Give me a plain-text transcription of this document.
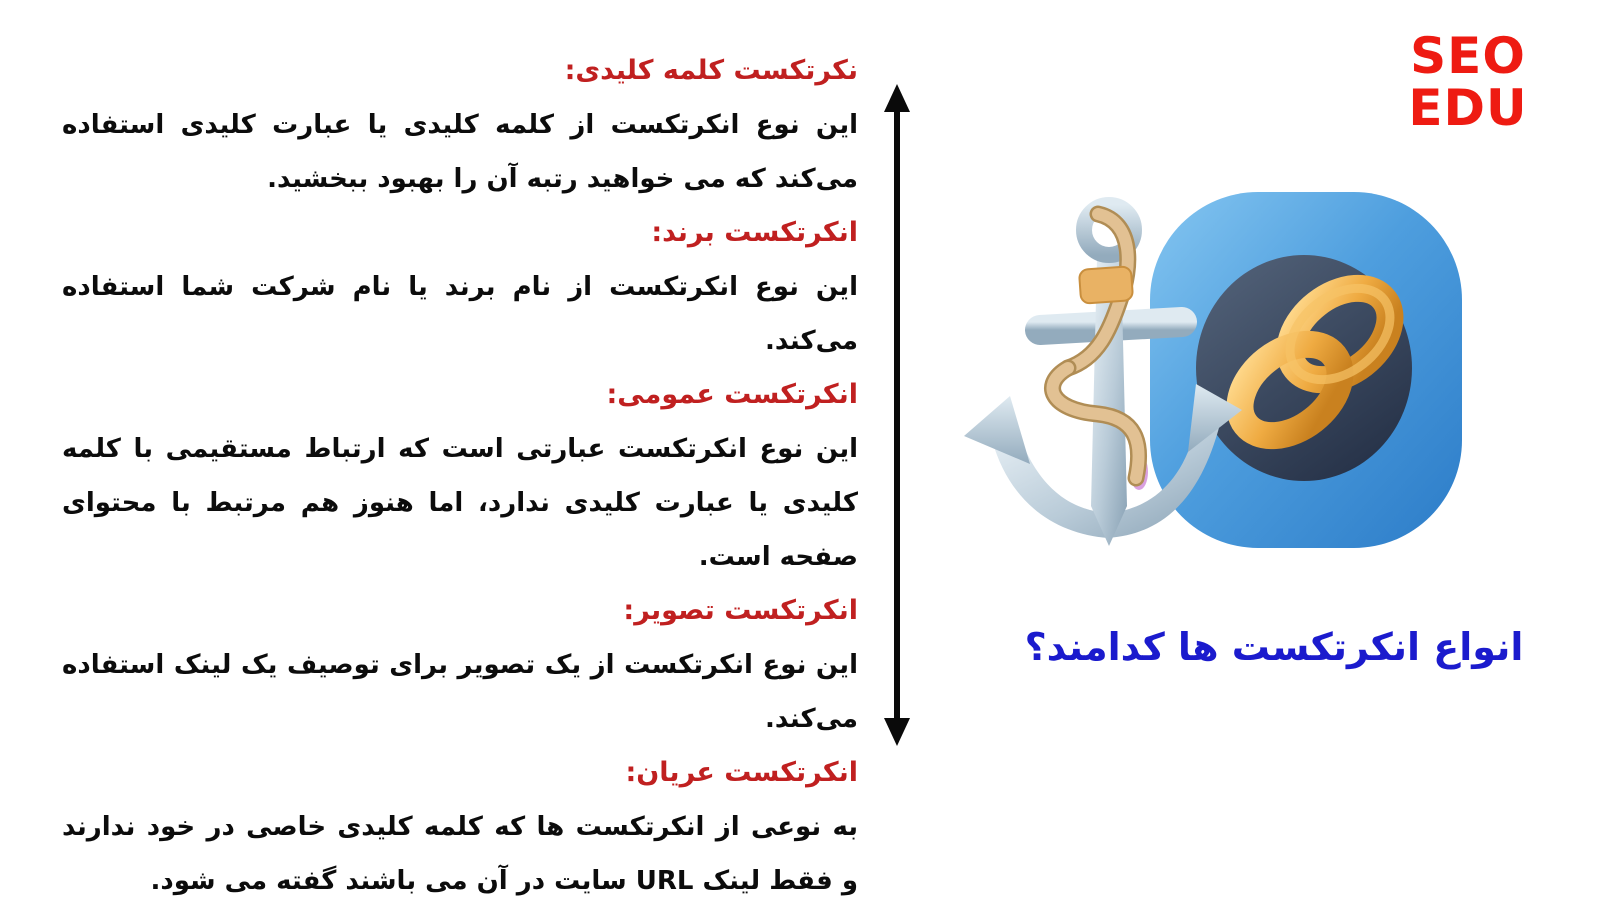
نکرتکست کلمه کلیدی:
این نوع انکرتکست از کلمه کلیدی یا عبارت کلیدی استفاده می‌کند که می خواهید رتبه آن را بهبود ببخشید.
انکرتکست برند:
این نوع انکرتکست از نام برند یا نام شرکت شما استفاده می‌کند.
انکرتکست عمومی:
این نوع انکرتکست عبارتی است که ارتباط مستقیمی با کلمه کلیدی یا عبارت کلیدی ندارد، اما هنوز هم مرتبط با محتوای صفحه است.
انکرتکست تصویر:
این نوع انکرتکست از یک تصویر برای توصیف یک لینک استفاده می‌کند.
انکرتکست عریان:
به نوعی از انکرتکست ها که کلمه کلیدی خاصی در خود ندارند و فقط لینک URL سایت در آن می باشند گفته می شود.
SEO
EDU
انواع انکرتکست ها کدامند؟
